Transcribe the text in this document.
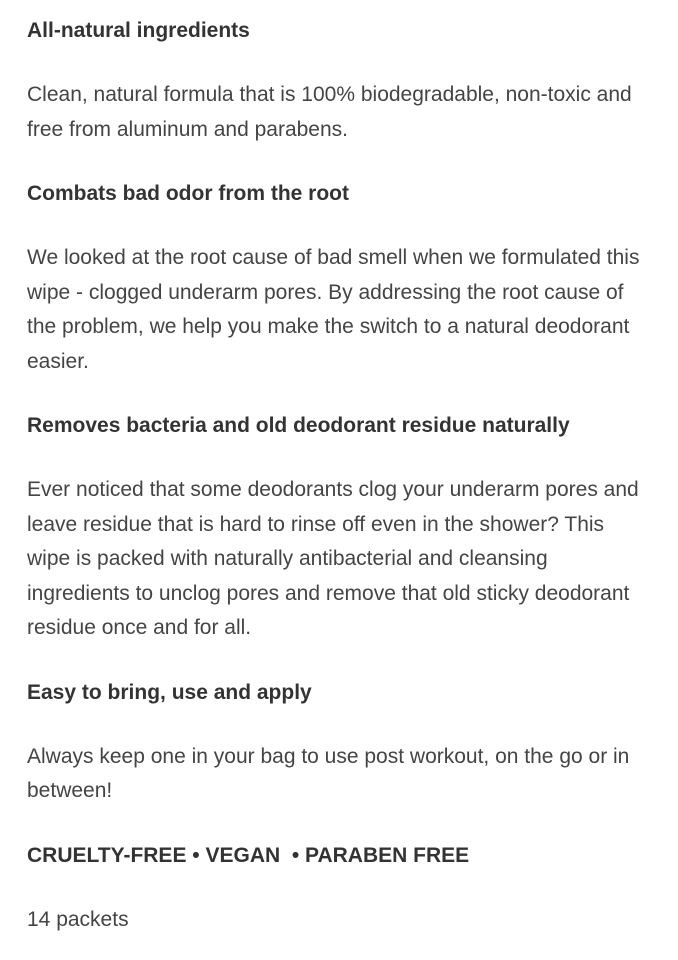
All-natural ingredients

Clean, natural formula that is 100% biodegradable, non-toxic and free from aluminum and parabens.

Combats bad odor from the root

We looked at the root cause of bad smell when we formulated this wipe - clogged underarm pores. By addressing the root cause of the problem, we help you make the switch to a natural deodorant easier.

Removes bacteria and old deodorant residue naturally

Ever noticed that some deodorants clog your underarm pores and leave residue that is hard to rinse off even in the shower? This wipe is packed with naturally antibacterial and cleansing ingredients to unclog pores and remove that old sticky deodorant residue once and for all.

Easy to bring, use and apply

Always keep one in your bag to use post workout, on the go or in between!

CRUELTY-FREE • VEGAN  • PARABEN FREE

14 packets
